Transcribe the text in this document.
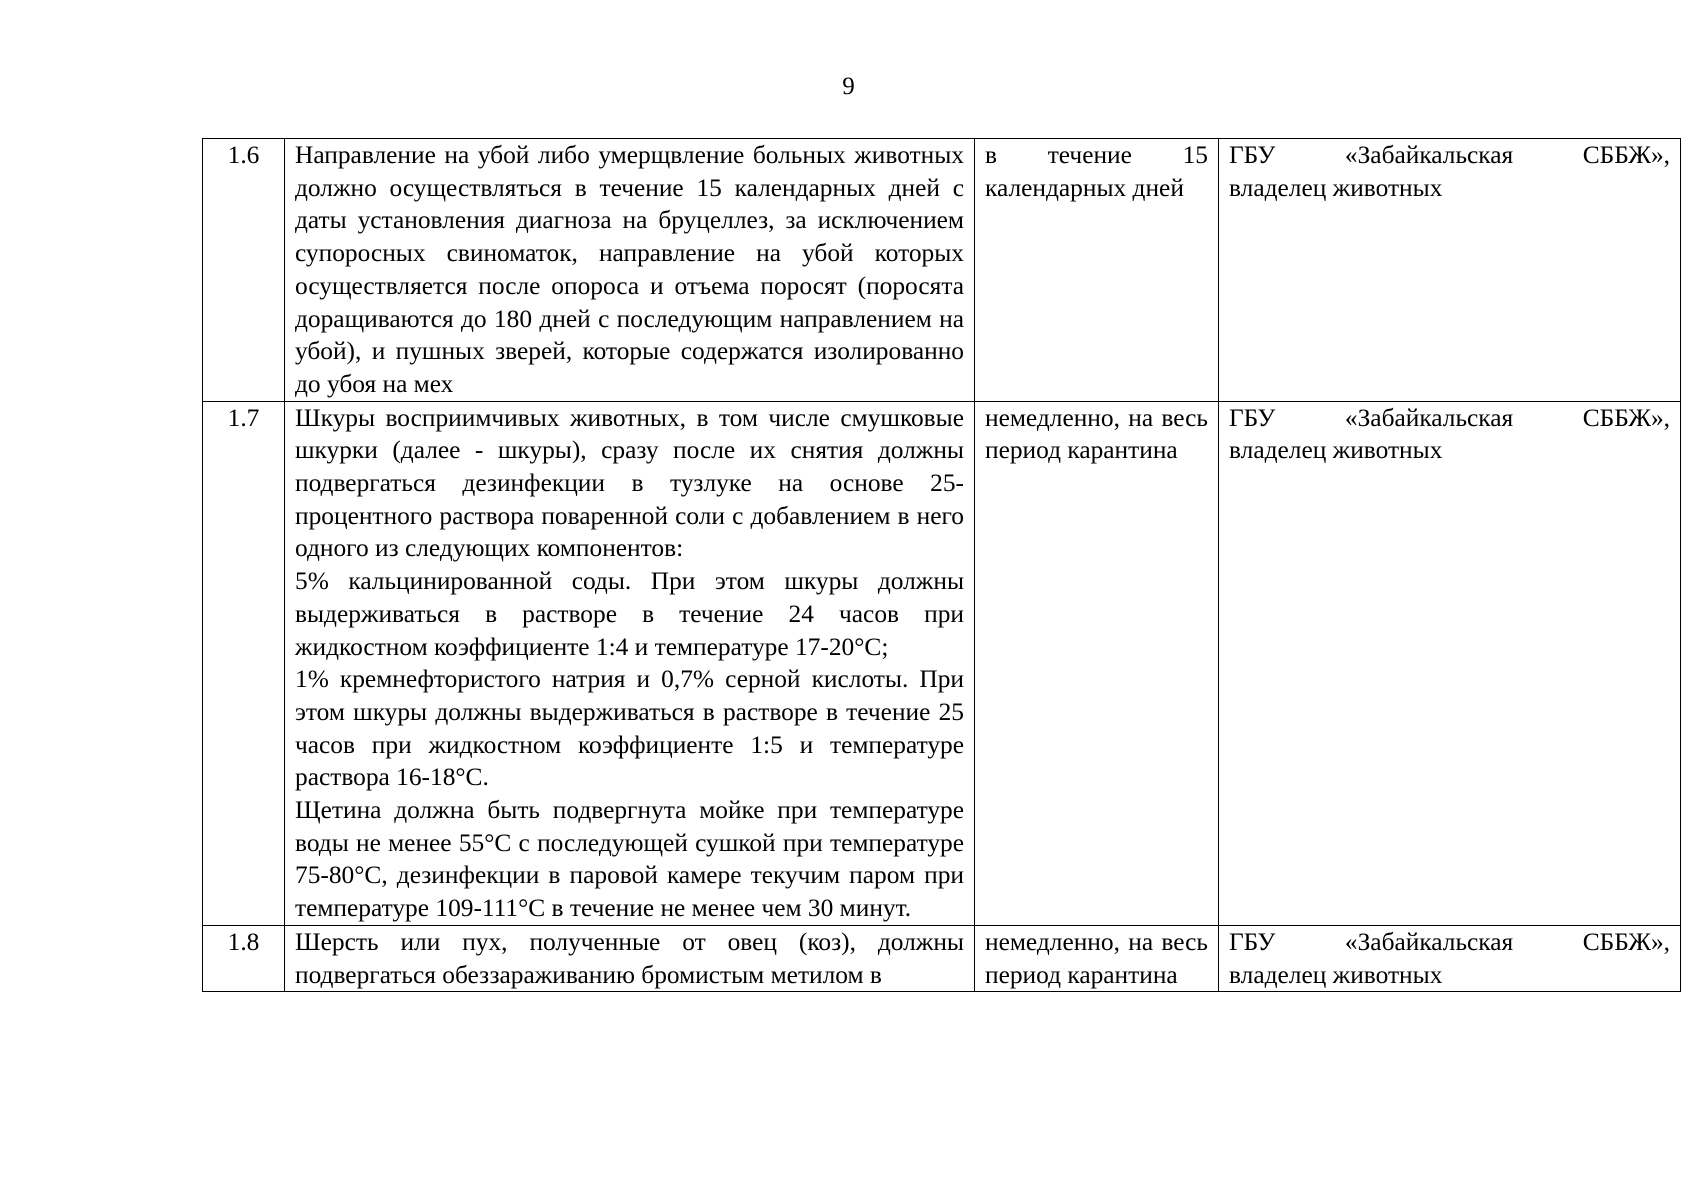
9
1.6	Направление на убой либо умерщвление больных животных должно осуществляться в течение 15 календарных дней с даты установления диагноза на бруцеллез, за исключением супоросных свиноматок, направление на убой которых осуществляется после опороса и отъема поросят (поросята доращиваются до 180 дней с последующим направлением на убой), и пушных зверей, которые содержатся изолированно до убоя на мех	в течение 15 календарных дней	ГБУ «Забайкальская СББЖ»,
владелец животных

1.7	Шкуры восприимчивых животных, в том числе смушковые шкурки (далее - шкуры), сразу после их снятия должны подвергаться дезинфекции в тузлуке на основе 25-процентного раствора поваренной соли с добавлением в него одного из следующих компонентов:
5% кальцинированной соды. При этом шкуры должны выдерживаться в растворе в течение 24 часов при жидкостном коэффициенте 1:4 и температуре 17-20°С;
1% кремнефтористого натрия и 0,7% серной кислоты. При этом шкуры должны выдерживаться в растворе в течение 25 часов при жидкостном коэффициенте 1:5 и температуре раствора 16-18°С.
Щетина должна быть подвергнута мойке при температуре воды не менее 55°С с последующей сушкой при температуре 75-80°С, дезинфекции в паровой камере текучим паром при температуре 109-111°С в течение не менее чем 30 минут.	немедленно, на весь период карантина	ГБУ «Забайкальская СББЖ»,
владелец животных

1.8	Шерсть или пух, полученные от овец (коз), должны подвергаться обеззараживанию бромистым метилом в	немедленно, на весь период карантина	ГБУ «Забайкальская СББЖ»,
владелец животных
